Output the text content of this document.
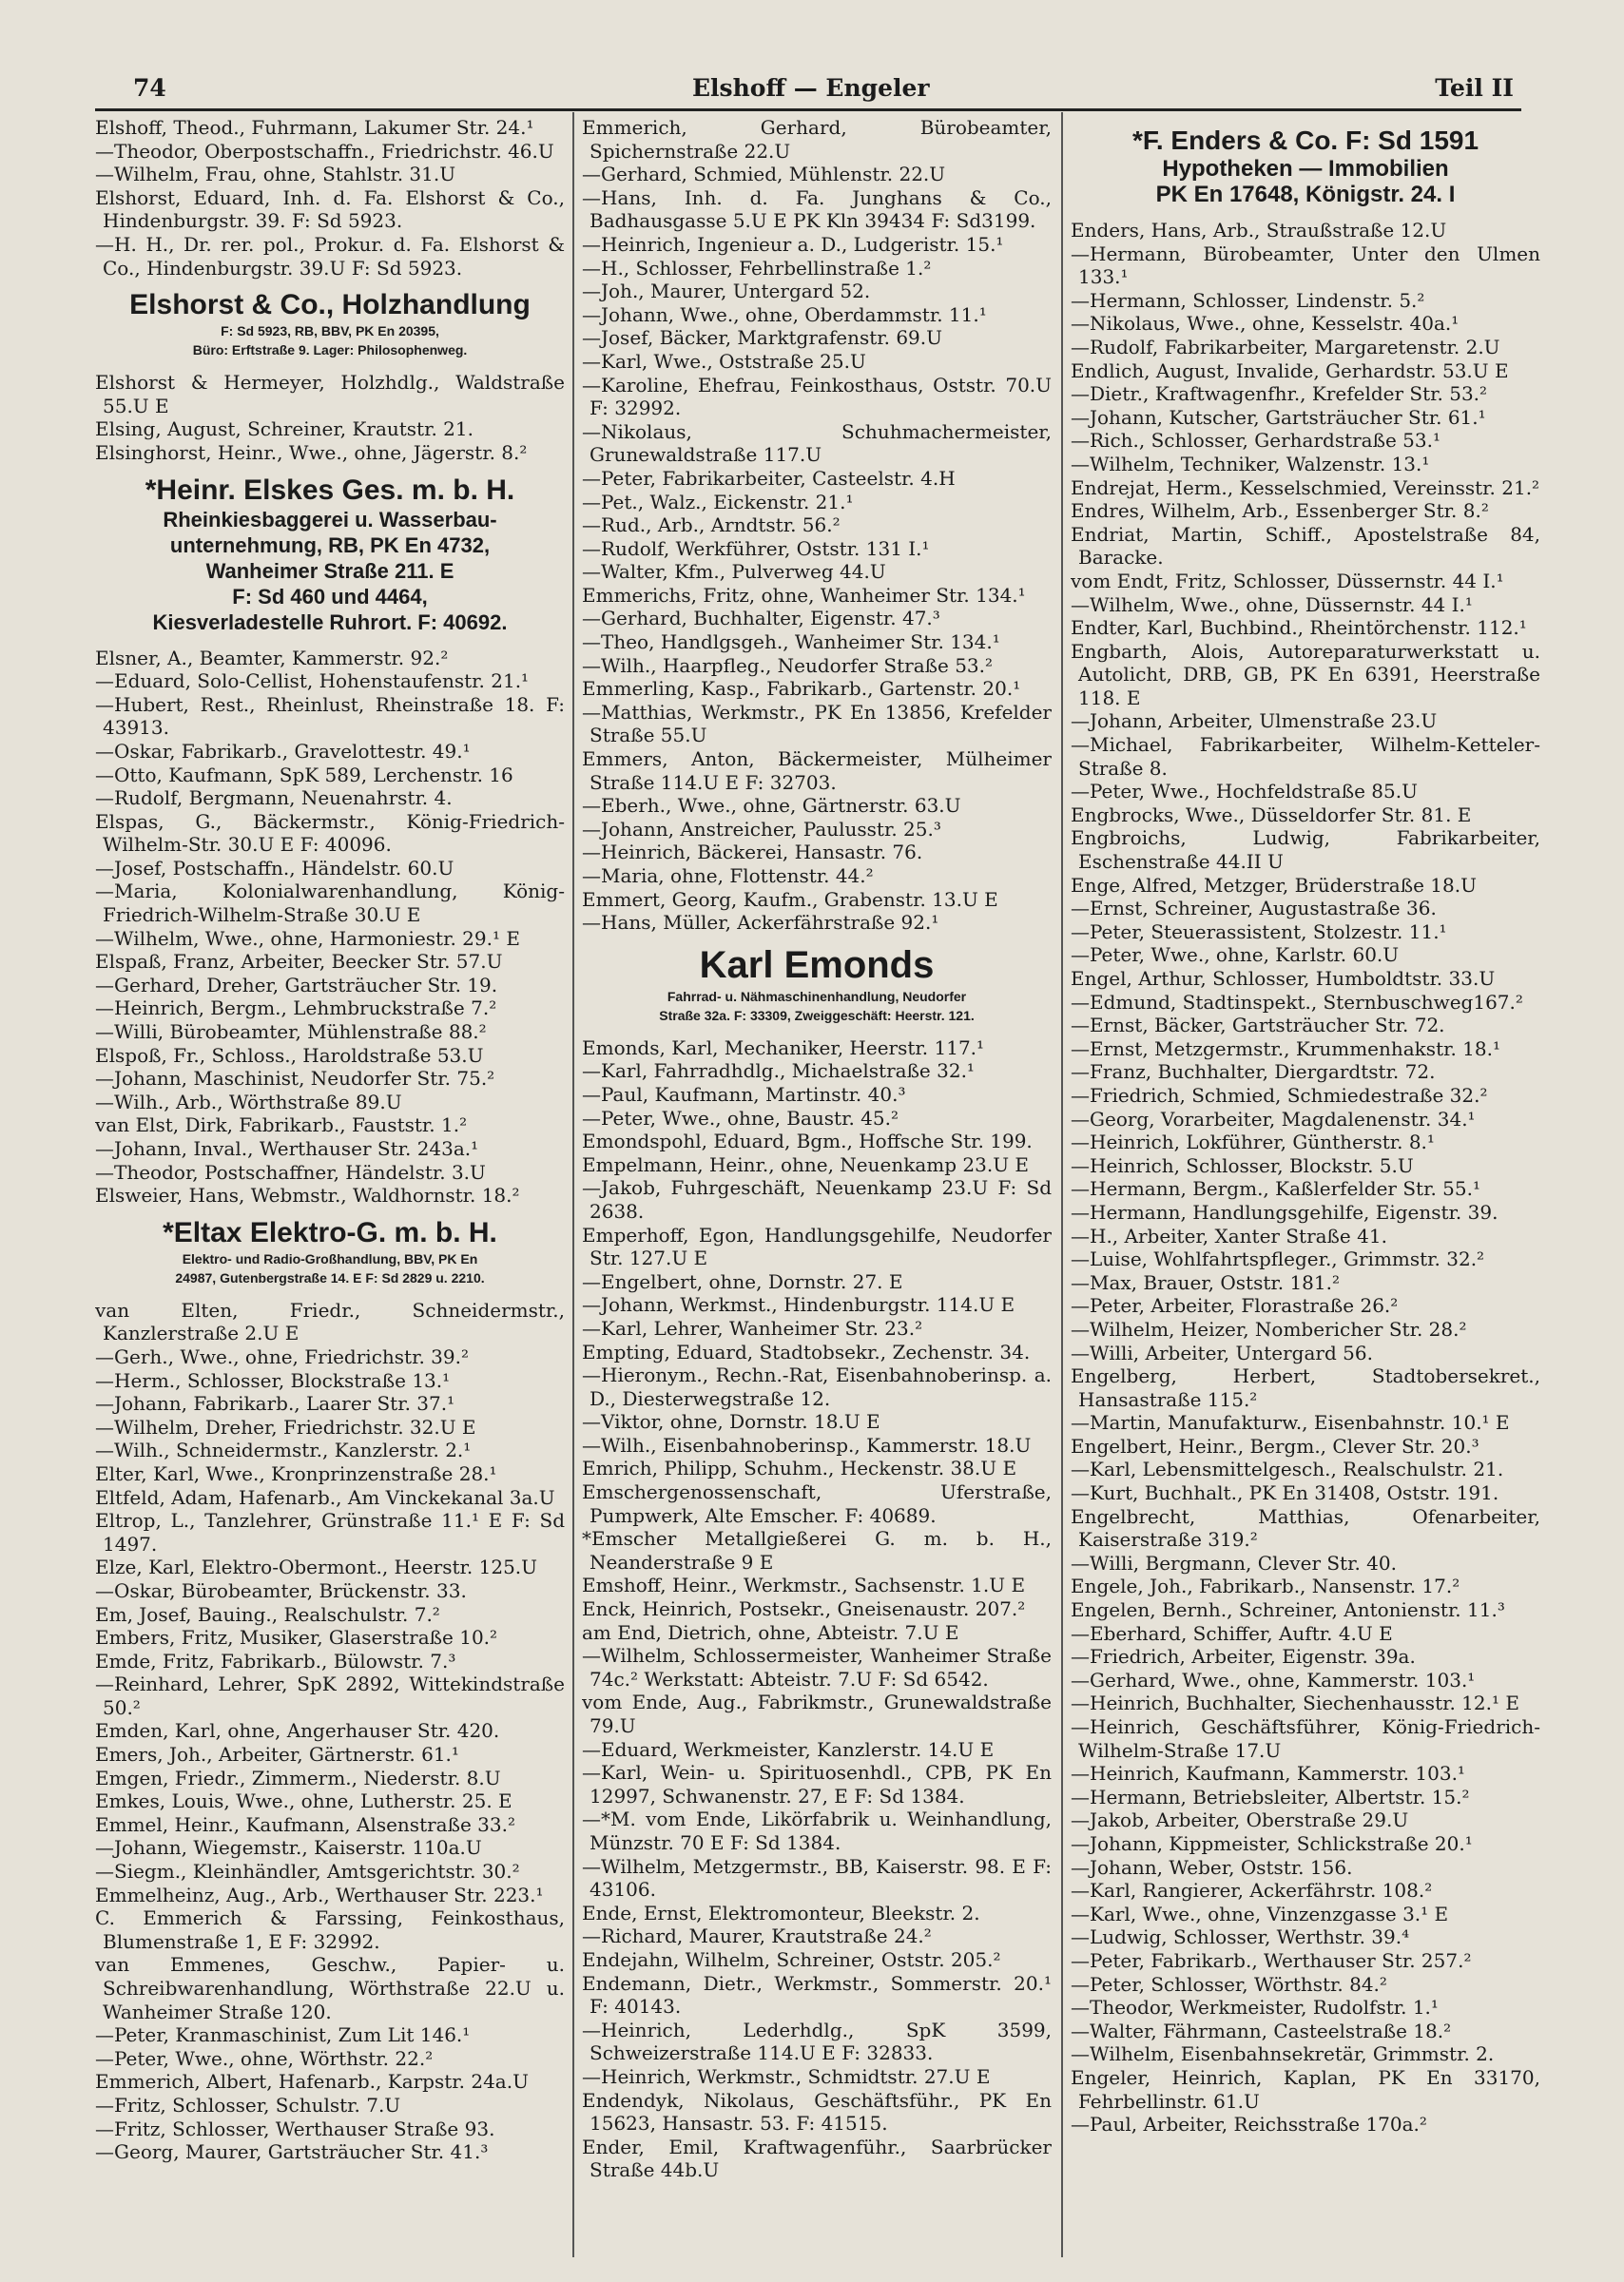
74	Elshoff — Engeler	Teil II

Elshoff, Theod., Fuhrmann, Lakumer Str. 24.¹

—Theodor, Oberpostschaffn., Friedrichstr. 46.U

—Wilhelm, Frau, ohne, Stahlstr. 31.U

Elshorst, Eduard, Inh. d. Fa. Elshorst & Co., Hindenburgstr. 39. F: Sd 5923.

—H. H., Dr. rer. pol., Prokur. d. Fa. Elshorst & Co., Hindenburgstr. 39.U F: Sd 5923.

Elshorst & Co., Holzhandlung
F: Sd 5923, RB, BBV, PK En 20395,
Büro: Erftstraße 9. Lager: Philosophenweg.

Elshorst & Hermeyer, Holzhdlg., Waldstraße 55.U E

Elsing, August, Schreiner, Krautstr. 21.

Elsinghorst, Heinr., Wwe., ohne, Jägerstr. 8.²

*Heinr. Elskes Ges. m. b. H.
Rheinkiesbaggerei u. Wasserbau-
unternehmung, RB, PK En 4732,
Wanheimer Straße 211. E
F: Sd 460 und 4464,
Kiesverladestelle Ruhrort. F: 40692.

Elsner, A., Beamter, Kammerstr. 92.²

—Eduard, Solo-Cellist, Hohenstaufenstr. 21.¹

—Hubert, Rest., Rheinlust, Rheinstraße 18. F: 43913.

—Oskar, Fabrikarb., Gravelottestr. 49.¹

—Otto, Kaufmann, SpK 589, Lerchenstr. 16

—Rudolf, Bergmann, Neuenahrstr. 4.

Elspas, G., Bäckermstr., König-Friedrich-Wilhelm-Str. 30.U E F: 40096.

—Josef, Postschaffn., Händelstr. 60.U

—Maria, Kolonialwarenhandlung, König-Friedrich-Wilhelm-Straße 30.U E

—Wilhelm, Wwe., ohne, Harmoniestr. 29.¹ E

Elspaß, Franz, Arbeiter, Beecker Str. 57.U

—Gerhard, Dreher, Gartsträucher Str. 19.

—Heinrich, Bergm., Lehmbruckstraße 7.²

—Willi, Bürobeamter, Mühlenstraße 88.²

Elspoß, Fr., Schloss., Haroldstraße 53.U

—Johann, Maschinist, Neudorfer Str. 75.²

—Wilh., Arb., Wörthstraße 89.U

van Elst, Dirk, Fabrikarb., Fauststr. 1.²

—Johann, Inval., Werthauser Str. 243a.¹

—Theodor, Postschaffner, Händelstr. 3.U

Elsweier, Hans, Webmstr., Waldhornstr. 18.²

*Eltax Elektro-G. m. b. H.
Elektro- und Radio-Großhandlung, BBV, PK En
24987, Gutenbergstraße 14. E F: Sd 2829 u. 2210.

van Elten, Friedr., Schneidermstr., Kanzlerstraße 2.U E

—Gerh., Wwe., ohne, Friedrichstr. 39.²

—Herm., Schlosser, Blockstraße 13.¹

—Johann, Fabrikarb., Laarer Str. 37.¹

—Wilhelm, Dreher, Friedrichstr. 32.U E

—Wilh., Schneidermstr., Kanzlerstr. 2.¹

Elter, Karl, Wwe., Kronprinzenstraße 28.¹

Eltfeld, Adam, Hafenarb., Am Vinckekanal 3a.U

Eltrop, L., Tanzlehrer, Grünstraße 11.¹ E F: Sd 1497.

Elze, Karl, Elektro-Obermont., Heerstr. 125.U

—Oskar, Bürobeamter, Brückenstr. 33.

Em, Josef, Bauing., Realschulstr. 7.²

Embers, Fritz, Musiker, Glaserstraße 10.²

Emde, Fritz, Fabrikarb., Bülowstr. 7.³

—Reinhard, Lehrer, SpK 2892, Wittekindstraße 50.²

Emden, Karl, ohne, Angerhauser Str. 420.

Emers, Joh., Arbeiter, Gärtnerstr. 61.¹

Emgen, Friedr., Zimmerm., Niederstr. 8.U

Emkes, Louis, Wwe., ohne, Lutherstr. 25. E

Emmel, Heinr., Kaufmann, Alsenstraße 33.²

—Johann, Wiegemstr., Kaiserstr. 110a.U

—Siegm., Kleinhändler, Amtsgerichtstr. 30.²

Emmelheinz, Aug., Arb., Werthauser Str. 223.¹

C. Emmerich & Farssing, Feinkosthaus, Blumenstraße 1, E F: 32992.

van Emmenes, Geschw., Papier- u. Schreibwarenhandlung, Wörthstraße 22.U u. Wanheimer Straße 120.

—Peter, Kranmaschinist, Zum Lit 146.¹

—Peter, Wwe., ohne, Wörthstr. 22.²

Emmerich, Albert, Hafenarb., Karpstr. 24a.U

—Fritz, Schlosser, Schulstr. 7.U

—Fritz, Schlosser, Werthauser Straße 93.

—Georg, Maurer, Gartsträucher Str. 41.³

Emmerich, Gerhard, Bürobeamter, Spichernstraße 22.U

—Gerhard, Schmied, Mühlenstr. 22.U

—Hans, Inh. d. Fa. Junghans & Co., Badhausgasse 5.U E PK Kln 39434 F: Sd3199.

—Heinrich, Ingenieur a. D., Ludgeristr. 15.¹

—H., Schlosser, Fehrbellinstraße 1.²

—Joh., Maurer, Untergard 52.

—Johann, Wwe., ohne, Oberdammstr. 11.¹

—Josef, Bäcker, Marktgrafenstr. 69.U

—Karl, Wwe., Oststraße 25.U

—Karoline, Ehefrau, Feinkosthaus, Oststr. 70.U F: 32992.

—Nikolaus, Schuhmachermeister, Grunewaldstraße 117.U

—Peter, Fabrikarbeiter, Casteelstr. 4.H

—Pet., Walz., Eickenstr. 21.¹

—Rud., Arb., Arndtstr. 56.²

—Rudolf, Werkführer, Oststr. 131 I.¹

—Walter, Kfm., Pulverweg 44.U

Emmerichs, Fritz, ohne, Wanheimer Str. 134.¹

—Gerhard, Buchhalter, Eigenstr. 47.³

—Theo, Handlgsgeh., Wanheimer Str. 134.¹

—Wilh., Haarpfleg., Neudorfer Straße 53.²

Emmerling, Kasp., Fabrikarb., Gartenstr. 20.¹

—Matthias, Werkmstr., PK En 13856, Krefelder Straße 55.U

Emmers, Anton, Bäckermeister, Mülheimer Straße 114.U E F: 32703.

—Eberh., Wwe., ohne, Gärtnerstr. 63.U

—Johann, Anstreicher, Paulusstr. 25.³

—Heinrich, Bäckerei, Hansastr. 76.

—Maria, ohne, Flottenstr. 44.²

Emmert, Georg, Kaufm., Grabenstr. 13.U E

—Hans, Müller, Ackerfährstraße 92.¹

Karl Emonds
Fahrrad- u. Nähmaschinenhandlung, Neudorfer
Straße 32a. F: 33309, Zweiggeschäft: Heerstr. 121.

Emonds, Karl, Mechaniker, Heerstr. 117.¹

—Karl, Fahrradhdlg., Michaelstraße 32.¹

—Paul, Kaufmann, Martinstr. 40.³

—Peter, Wwe., ohne, Baustr. 45.²

Emondspohl, Eduard, Bgm., Hoffsche Str. 199.

Empelmann, Heinr., ohne, Neuenkamp 23.U E

—Jakob, Fuhrgeschäft, Neuenkamp 23.U F: Sd 2638.

Emperhoff, Egon, Handlungsgehilfe, Neudorfer Str. 127.U E

—Engelbert, ohne, Dornstr. 27. E

—Johann, Werkmst., Hindenburgstr. 114.U E

—Karl, Lehrer, Wanheimer Str. 23.²

Empting, Eduard, Stadtobsekr., Zechenstr. 34.

—Hieronym., Rechn.-Rat, Eisenbahnoberinsp. a. D., Diesterwegstraße 12.

—Viktor, ohne, Dornstr. 18.U E

—Wilh., Eisenbahnoberinsp., Kammerstr. 18.U

Emrich, Philipp, Schuhm., Heckenstr. 38.U E

Emschergenossenschaft, Uferstraße, Pumpwerk, Alte Emscher. F: 40689.

*Emscher Metallgießerei G. m. b. H., Neanderstraße 9 E

Emshoff, Heinr., Werkmstr., Sachsenstr. 1.U E

Enck, Heinrich, Postsekr., Gneisenaustr. 207.²

am End, Dietrich, ohne, Abteistr. 7.U E

—Wilhelm, Schlossermeister, Wanheimer Straße 74c.² Werkstatt: Abteistr. 7.U F: Sd 6542.

vom Ende, Aug., Fabrikmstr., Grunewaldstraße 79.U

—Eduard, Werkmeister, Kanzlerstr. 14.U E

—Karl, Wein- u. Spirituosenhdl., CPB, PK En 12997, Schwanenstr. 27, E F: Sd 1384.

—*M. vom Ende, Likörfabrik u. Weinhandlung, Münzstr. 70 E F: Sd 1384.

—Wilhelm, Metzgermstr., BB, Kaiserstr. 98. E F: 43106.

Ende, Ernst, Elektromonteur, Bleekstr. 2.

—Richard, Maurer, Krautstraße 24.²

Endejahn, Wilhelm, Schreiner, Oststr. 205.²

Endemann, Dietr., Werkmstr., Sommerstr. 20.¹ F: 40143.

—Heinrich, Lederhdlg., SpK 3599, Schweizerstraße 114.U E F: 32833.

—Heinrich, Werkmstr., Schmidtstr. 27.U E

Endendyk, Nikolaus, Geschäftsführ., PK En 15623, Hansastr. 53. F: 41515.

Ender, Emil, Kraftwagenführ., Saarbrücker Straße 44b.U

*F. Enders & Co. F: Sd 1591
Hypotheken — Immobilien
PK En 17648, Königstr. 24. I

Enders, Hans, Arb., Straußstraße 12.U

—Hermann, Bürobeamter, Unter den Ulmen 133.¹

—Hermann, Schlosser, Lindenstr. 5.²

—Nikolaus, Wwe., ohne, Kesselstr. 40a.¹

—Rudolf, Fabrikarbeiter, Margaretenstr. 2.U

Endlich, August, Invalide, Gerhardstr. 53.U E

—Dietr., Kraftwagenfhr., Krefelder Str. 53.²

—Johann, Kutscher, Gartsträucher Str. 61.¹

—Rich., Schlosser, Gerhardstraße 53.¹

—Wilhelm, Techniker, Walzenstr. 13.¹

Endrejat, Herm., Kesselschmied, Vereinsstr. 21.²

Endres, Wilhelm, Arb., Essenberger Str. 8.²

Endriat, Martin, Schiff., Apostelstraße 84, Baracke.

vom Endt, Fritz, Schlosser, Düssernstr. 44 I.¹

—Wilhelm, Wwe., ohne, Düssernstr. 44 I.¹

Endter, Karl, Buchbind., Rheintörchenstr. 112.¹

Engbarth, Alois, Autoreparaturwerkstatt u. Autolicht, DRB, GB, PK En 6391, Heerstraße 118. E

—Johann, Arbeiter, Ulmenstraße 23.U

—Michael, Fabrikarbeiter, Wilhelm-Ketteler-Straße 8.

—Peter, Wwe., Hochfeldstraße 85.U

Engbrocks, Wwe., Düsseldorfer Str. 81. E

Engbroichs, Ludwig, Fabrikarbeiter, Eschenstraße 44.II U

Enge, Alfred, Metzger, Brüderstraße 18.U

—Ernst, Schreiner, Augustastraße 36.

—Peter, Steuerassistent, Stolzestr. 11.¹

—Peter, Wwe., ohne, Karlstr. 60.U

Engel, Arthur, Schlosser, Humboldtstr. 33.U

—Edmund, Stadtinspekt., Sternbuschweg167.²

—Ernst, Bäcker, Gartsträucher Str. 72.

—Ernst, Metzgermstr., Krummenhakstr. 18.¹

—Franz, Buchhalter, Diergardtstr. 72.

—Friedrich, Schmied, Schmiedestraße 32.²

—Georg, Vorarbeiter, Magdalenenstr. 34.¹

—Heinrich, Lokführer, Güntherstr. 8.¹

—Heinrich, Schlosser, Blockstr. 5.U

—Hermann, Bergm., Kaßlerfelder Str. 55.¹

—Hermann, Handlungsgehilfe, Eigenstr. 39.

—H., Arbeiter, Xanter Straße 41.

—Luise, Wohlfahrtspfleger., Grimmstr. 32.²

—Max, Brauer, Oststr. 181.²

—Peter, Arbeiter, Florastraße 26.²

—Wilhelm, Heizer, Nombericher Str. 28.²

—Willi, Arbeiter, Untergard 56.

Engelberg, Herbert, Stadtobersekret., Hansastraße 115.²

—Martin, Manufakturw., Eisenbahnstr. 10.¹ E

Engelbert, Heinr., Bergm., Clever Str. 20.³

—Karl, Lebensmittelgesch., Realschulstr. 21.

—Kurt, Buchhalt., PK En 31408, Oststr. 191.

Engelbrecht, Matthias, Ofenarbeiter, Kaiserstraße 319.²

—Willi, Bergmann, Clever Str. 40.

Engele, Joh., Fabrikarb., Nansenstr. 17.²

Engelen, Bernh., Schreiner, Antonienstr. 11.³

—Eberhard, Schiffer, Auftr. 4.U E

—Friedrich, Arbeiter, Eigenstr. 39a.

—Gerhard, Wwe., ohne, Kammerstr. 103.¹

—Heinrich, Buchhalter, Siechenhausstr. 12.¹ E

—Heinrich, Geschäftsführer, König-Friedrich-Wilhelm-Straße 17.U

—Heinrich, Kaufmann, Kammerstr. 103.¹

—Hermann, Betriebsleiter, Albertstr. 15.²

—Jakob, Arbeiter, Oberstraße 29.U

—Johann, Kippmeister, Schlickstraße 20.¹

—Johann, Weber, Oststr. 156.

—Karl, Rangierer, Ackerfährstr. 108.²

—Karl, Wwe., ohne, Vinzenzgasse 3.¹ E

—Ludwig, Schlosser, Werthstr. 39.⁴

—Peter, Fabrikarb., Werthauser Str. 257.²

—Peter, Schlosser, Wörthstr. 84.²

—Theodor, Werkmeister, Rudolfstr. 1.¹

—Walter, Fährmann, Casteelstraße 18.²

—Wilhelm, Eisenbahnsekretär, Grimmstr. 2.

Engeler, Heinrich, Kaplan, PK En 33170, Fehrbellinstr. 61.U

—Paul, Arbeiter, Reichsstraße 170a.²
